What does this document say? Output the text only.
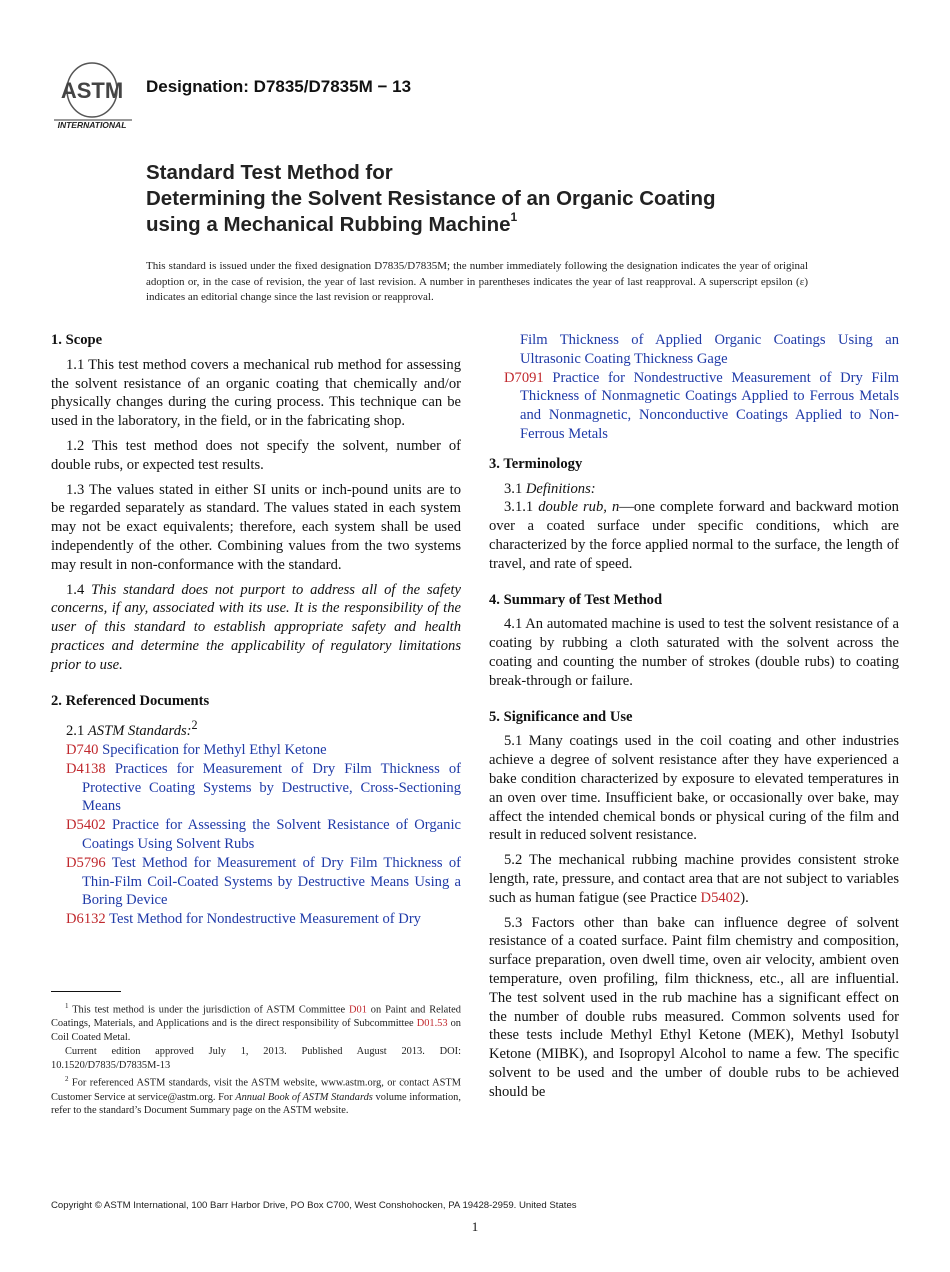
ASTM
INTERNATIONAL
Designation: D7835/D7835M − 13
Standard Test Method for
Determining the Solvent Resistance of an Organic Coating
using a Mechanical Rubbing Machine$^1$
This standard is issued under the fixed designation D7835/D7835M; the number immediately following the designation indicates the year of original adoption or, in the case of revision, the year of last revision. A number in parentheses indicates the year of last reapproval. A superscript epsilon (ε) indicates an editorial change since the last revision or reapproval.
1. Scope

1.1 This test method covers a mechanical rub method for assessing the solvent resistance of an organic coating that chemically and/or physically changes during the curing process. This technique can be used in the laboratory, in the field, or in the fabricating shop.

1.2 This test method does not specify the solvent, number of double rubs, or expected test results.

1.3 The values stated in either SI units or inch-pound units are to be regarded separately as standard. The values stated in each system may not be exact equivalents; therefore, each system shall be used independently of the other. Combining values from the two systems may result in non-conformance with the standard.

1.4 This standard does not purport to address all of the safety concerns, if any, associated with its use. It is the responsibility of the user of this standard to establish appropriate safety and health practices and determine the applicability of regulatory limitations prior to use.

2. Referenced Documents

2.1 ASTM Standards:$^2$

D740 Specification for Methyl Ethyl Ketone

D4138 Practices for Measurement of Dry Film Thickness of Protective Coating Systems by Destructive, Cross-Sectioning Means

D5402 Practice for Assessing the Solvent Resistance of Organic Coatings Using Solvent Rubs

D5796 Test Method for Measurement of Dry Film Thickness of Thin-Film Coil-Coated Systems by Destructive Means Using a Boring Device

D6132 Test Method for Nondestructive Measurement of Dry

Film Thickness of Applied Organic Coatings Using an Ultrasonic Coating Thickness Gage

D7091 Practice for Nondestructive Measurement of Dry Film Thickness of Nonmagnetic Coatings Applied to Ferrous Metals and Nonmagnetic, Nonconductive Coatings Applied to Non-Ferrous Metals

3. Terminology

3.1 Definitions:

3.1.1 double rub, n—one complete forward and backward motion over a coated surface under specific conditions, which are characterized by the force applied normal to the surface, the length of travel, and rate of speed.

4. Summary of Test Method

4.1 An automated machine is used to test the solvent resistance of a coating by rubbing a cloth saturated with the solvent across the coating and counting the number of strokes (double rubs) to coating break-through or failure.

5. Significance and Use

5.1 Many coatings used in the coil coating and other industries achieve a degree of solvent resistance after they have experienced a bake condition characterized by exposure to elevated temperatures in an oven over time. Insufficient bake, or occasionally over bake, may affect the intended chemical bonds or physical curing of the film and result in reduced solvent resistance.

5.2 The mechanical rubbing machine provides consistent stroke length, rate, pressure, and contact area that are not subject to variables such as human fatigue (see Practice D5402).

5.3 Factors other than bake can influence degree of solvent resistance of a coated surface. Paint film chemistry and composition, surface preparation, oven dwell time, oven air velocity, ambient oven temperature, oven profiling, film thickness, etc., all are influential. The test solvent used in the rub machine has a significant effect on the number of double rubs measured. Common solvents used for these tests include Methyl Ethyl Ketone (MEK), Methyl Isobutyl Ketone (MIBK), and Isopropyl Alcohol to name a few. The specific solvent to be used and the umber of double rubs to be achieved should be

$^1$ This test method is under the jurisdiction of ASTM Committee D01 on Paint and Related Coatings, Materials, and Applications and is the direct responsibility of Subcommittee D01.53 on Coil Coated Metal.

Current edition approved July 1, 2013. Published August 2013. DOI: 10.1520/D7835/D7835M-13

$^2$ For referenced ASTM standards, visit the ASTM website, www.astm.org, or contact ASTM Customer Service at service@astm.org. For Annual Book of ASTM Standards volume information, refer to the standard’s Document Summary page on the ASTM website.

Copyright © ASTM International, 100 Barr Harbor Drive, PO Box C700, West Conshohocken, PA 19428-2959. United States
1
